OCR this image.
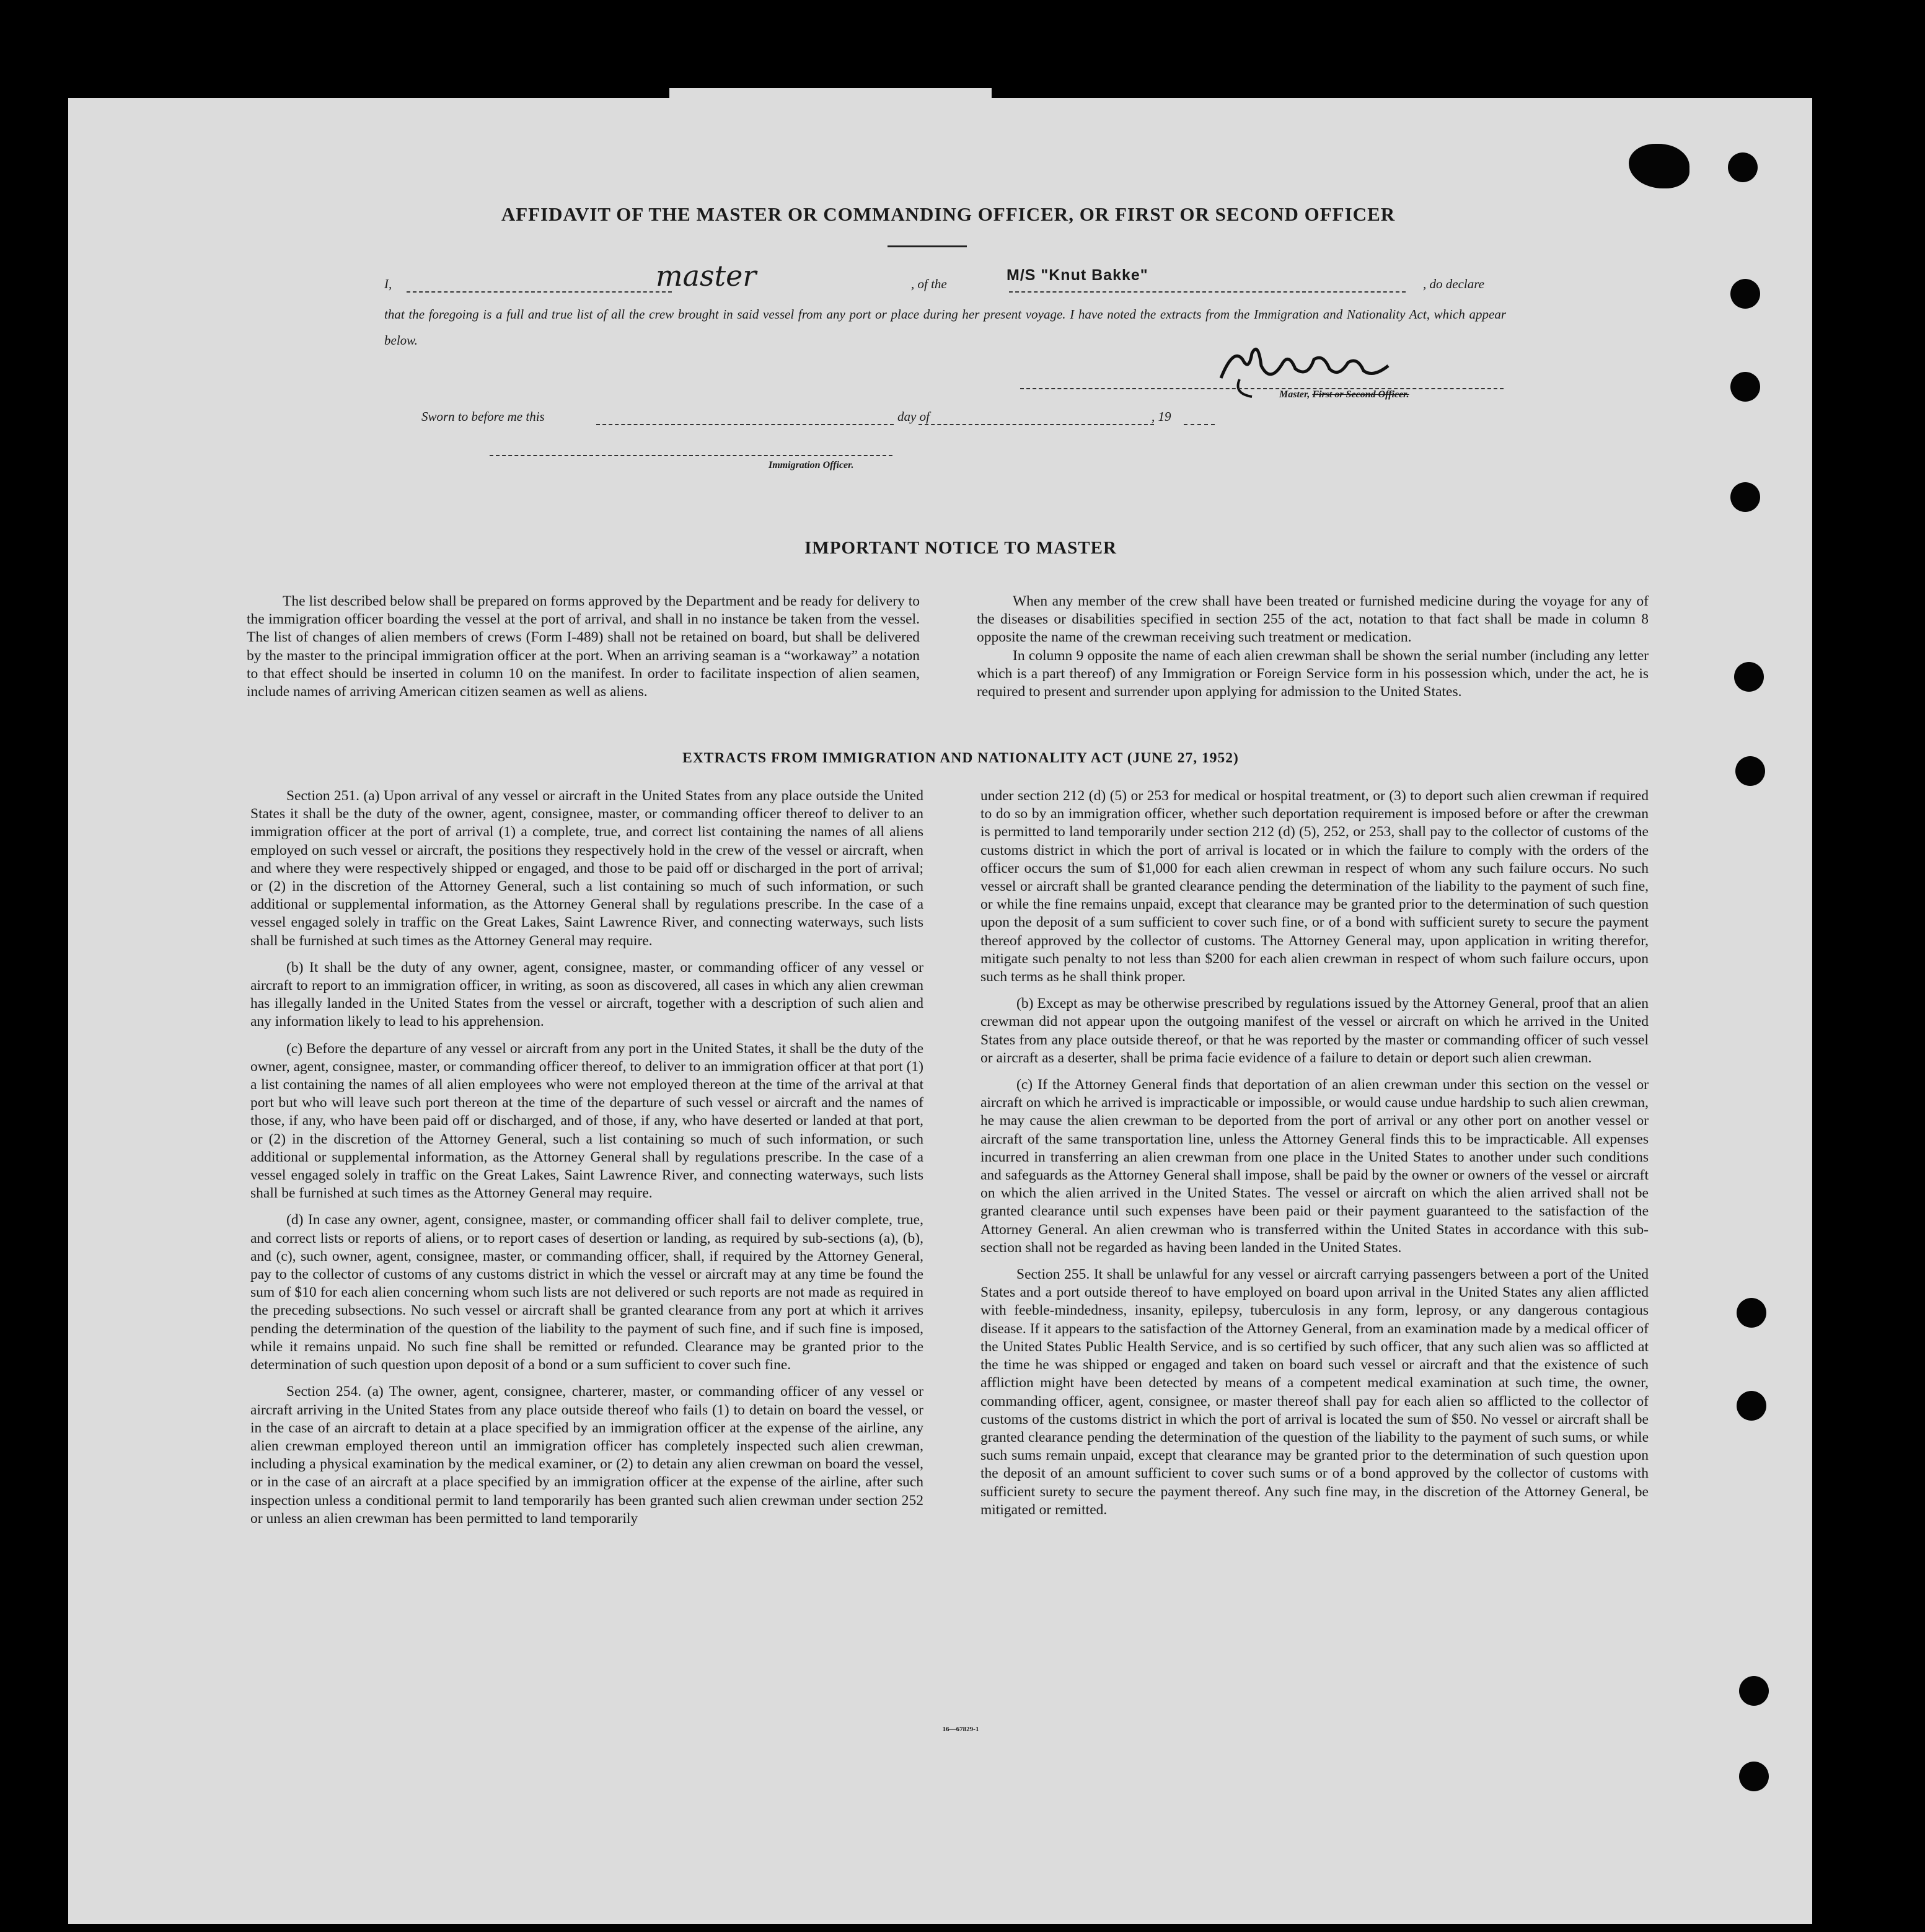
AFFIDAVIT OF THE MASTER OR COMMANDING OFFICER, OR FIRST OR SECOND OFFICER
I,	master	, of the	M/S "Knut Bakke"	, do declare
that the foregoing is a full and true list of all the crew brought in said vessel from any port or place during her present voyage. I have noted the extracts from the Immigration and Nationality Act, which appear below.
Master, First or Second Officer.
Sworn to before me this	day of	, 19
Immigration Officer.
IMPORTANT NOTICE TO MASTER

The list described below shall be prepared on forms approved by the Department and be ready for delivery to the immigration officer boarding the vessel at the port of arrival, and shall in no instance be taken from the vessel. The list of changes of alien members of crews (Form I-489) shall not be retained on board, but shall be delivered by the master to the principal immigration officer at the port. When an arriving seaman is a “workaway” a notation to that effect should be inserted in column 10 on the manifest. In order to facilitate inspection of alien seamen, include names of arriving American citizen seamen as well as aliens.

When any member of the crew shall have been treated or furnished medicine during the voyage for any of the diseases or disabilities specified in section 255 of the act, notation to that fact shall be made in column 8 opposite the name of the crewman receiving such treatment or medication.

In column 9 opposite the name of each alien crewman shall be shown the serial number (including any letter which is a part thereof) of any Immigration or Foreign Service form in his possession which, under the act, he is required to present and surrender upon applying for admission to the United States.

EXTRACTS FROM IMMIGRATION AND NATIONALITY ACT (JUNE 27, 1952)

Section 251. (a) Upon arrival of any vessel or aircraft in the United States from any place outside the United States it shall be the duty of the owner, agent, consignee, master, or commanding officer thereof to deliver to an immigration officer at the port of arrival (1) a complete, true, and correct list containing the names of all aliens employed on such vessel or aircraft, the positions they respectively hold in the crew of the vessel or aircraft, when and where they were respectively shipped or engaged, and those to be paid off or discharged in the port of arrival; or (2) in the discretion of the Attorney General, such a list containing so much of such information, or such additional or supplemental information, as the Attorney General shall by regulations prescribe. In the case of a vessel engaged solely in traffic on the Great Lakes, Saint Lawrence River, and connecting waterways, such lists shall be furnished at such times as the Attorney General may require.

(b) It shall be the duty of any owner, agent, consignee, master, or commanding officer of any vessel or aircraft to report to an immigration officer, in writing, as soon as discovered, all cases in which any alien crewman has illegally landed in the United States from the vessel or aircraft, together with a description of such alien and any information likely to lead to his apprehension.

(c) Before the departure of any vessel or aircraft from any port in the United States, it shall be the duty of the owner, agent, consignee, master, or commanding officer thereof, to deliver to an immigration officer at that port (1) a list containing the names of all alien employees who were not employed thereon at the time of the arrival at that port but who will leave such port thereon at the time of the departure of such vessel or aircraft and the names of those, if any, who have been paid off or discharged, and of those, if any, who have deserted or landed at that port, or (2) in the discretion of the Attorney General, such a list containing so much of such information, or such additional or supplemental information, as the Attorney General shall by regulations prescribe. In the case of a vessel engaged solely in traffic on the Great Lakes, Saint Lawrence River, and connecting waterways, such lists shall be furnished at such times as the Attorney General may require.

(d) In case any owner, agent, consignee, master, or commanding officer shall fail to deliver complete, true, and correct lists or reports of aliens, or to report cases of desertion or landing, as required by sub-sections (a), (b), and (c), such owner, agent, consignee, master, or commanding officer, shall, if required by the Attorney General, pay to the collector of customs of any customs district in which the vessel or aircraft may at any time be found the sum of $10 for each alien concerning whom such lists are not delivered or such reports are not made as required in the preceding subsections. No such vessel or aircraft shall be granted clearance from any port at which it arrives pending the determination of the question of the liability to the payment of such fine, and if such fine is imposed, while it remains unpaid. No such fine shall be remitted or refunded. Clearance may be granted prior to the determination of such question upon deposit of a bond or a sum sufficient to cover such fine.

Section 254. (a) The owner, agent, consignee, charterer, master, or commanding officer of any vessel or aircraft arriving in the United States from any place outside thereof who fails (1) to detain on board the vessel, or in the case of an aircraft to detain at a place specified by an immigration officer at the expense of the airline, any alien crewman employed thereon until an immigration officer has completely inspected such alien crewman, including a physical examination by the medical examiner, or (2) to detain any alien crewman on board the vessel, or in the case of an aircraft at a place specified by an immigration officer at the expense of the airline, after such inspection unless a conditional permit to land temporarily has been granted such alien crewman under section 252 or unless an alien crewman has been permitted to land temporarily

under section 212 (d) (5) or 253 for medical or hospital treatment, or (3) to deport such alien crewman if required to do so by an immigration officer, whether such deportation requirement is imposed before or after the crewman is permitted to land temporarily under section 212 (d) (5), 252, or 253, shall pay to the collector of customs of the customs district in which the port of arrival is located or in which the failure to comply with the orders of the officer occurs the sum of $1,000 for each alien crewman in respect of whom any such failure occurs. No such vessel or aircraft shall be granted clearance pending the determination of the liability to the payment of such fine, or while the fine remains unpaid, except that clearance may be granted prior to the determination of such question upon the deposit of a sum sufficient to cover such fine, or of a bond with sufficient surety to secure the payment thereof approved by the collector of customs. The Attorney General may, upon application in writing therefor, mitigate such penalty to not less than $200 for each alien crewman in respect of whom such failure occurs, upon such terms as he shall think proper.

(b) Except as may be otherwise prescribed by regulations issued by the Attorney General, proof that an alien crewman did not appear upon the outgoing manifest of the vessel or aircraft on which he arrived in the United States from any place outside thereof, or that he was reported by the master or commanding officer of such vessel or aircraft as a deserter, shall be prima facie evidence of a failure to detain or deport such alien crewman.

(c) If the Attorney General finds that deportation of an alien crewman under this section on the vessel or aircraft on which he arrived is impracticable or impossible, or would cause undue hardship to such alien crewman, he may cause the alien crewman to be deported from the port of arrival or any other port on another vessel or aircraft of the same transportation line, unless the Attorney General finds this to be impracticable. All expenses incurred in transferring an alien crewman from one place in the United States to another under such conditions and safeguards as the Attorney General shall impose, shall be paid by the owner or owners of the vessel or aircraft on which the alien arrived in the United States. The vessel or aircraft on which the alien arrived shall not be granted clearance until such expenses have been paid or their payment guaranteed to the satisfaction of the Attorney General. An alien crewman who is transferred within the United States in accordance with this sub-section shall not be regarded as having been landed in the United States.

Section 255. It shall be unlawful for any vessel or aircraft carrying passengers between a port of the United States and a port outside thereof to have employed on board upon arrival in the United States any alien afflicted with feeble-mindedness, insanity, epilepsy, tuberculosis in any form, leprosy, or any dangerous contagious disease. If it appears to the satisfaction of the Attorney General, from an examination made by a medical officer of the United States Public Health Service, and is so certified by such officer, that any such alien was so afflicted at the time he was shipped or engaged and taken on board such vessel or aircraft and that the existence of such affliction might have been detected by means of a competent medical examination at such time, the owner, commanding officer, agent, consignee, or master thereof shall pay for each alien so afflicted to the collector of customs of the customs district in which the port of arrival is located the sum of $50. No vessel or aircraft shall be granted clearance pending the determination of the question of the liability to the payment of such sums, or while such sums remain unpaid, except that clearance may be granted prior to the determination of such question upon the deposit of an amount sufficient to cover such sums or of a bond approved by the collector of customs with sufficient surety to secure the payment thereof. Any such fine may, in the discretion of the Attorney General, be mitigated or remitted.

16—67829-1
